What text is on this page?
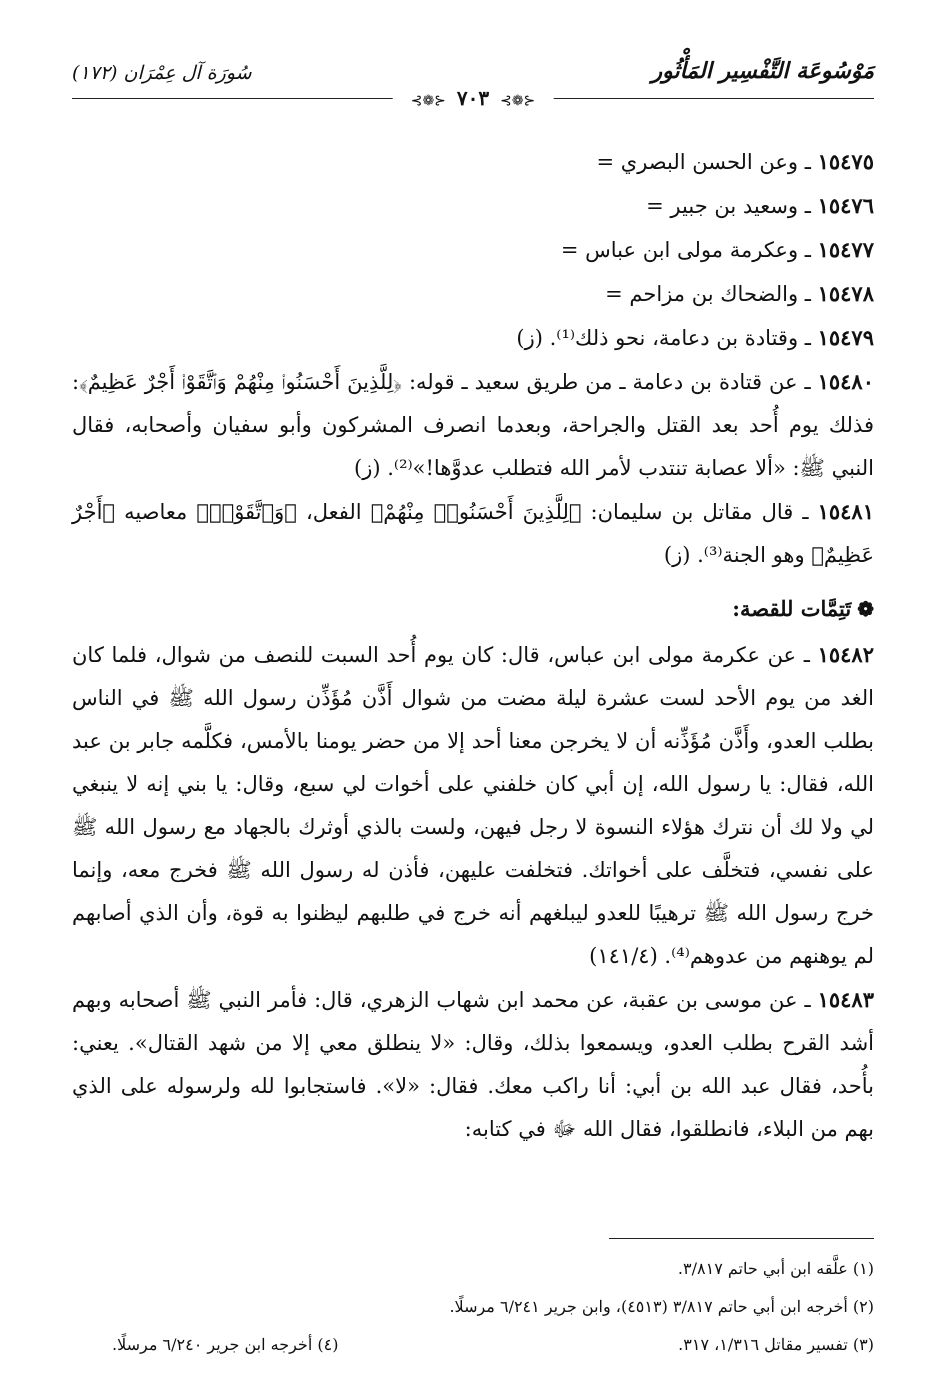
مَوْسُوعَة التَّفْسِير المَأْثُور
سُورَة آل عِمْرَان (١٧٢)
⊰❁⊱ ٧٠٣ ⊰❁⊱

١٥٤٧٥ ـ وعن الحسن البصري =

١٥٤٧٦ ـ وسعيد بن جبير =

١٥٤٧٧ ـ وعكرمة مولى ابن عباس =

١٥٤٧٨ ـ والضحاك بن مزاحم =

١٥٤٧٩ ـ وقتادة بن دعامة، نحو ذلك⁽¹⁾. (ز)

١٥٤٨٠ ـ عن قتادة بن دعامة ـ من طريق سعيد ـ قوله: ﴿لِلَّذِينَ أَحْسَنُوا۟ مِنْهُمْ وَٱتَّقَوْا۟ أَجْرٌ عَظِيمٌ﴾: فذلك يوم أُحد بعد القتل والجراحة، وبعدما انصرف المشركون وأبو سفيان وأصحابه، فقال النبي ﷺ: «ألا عصابة تنتدب لأمر الله فتطلب عدوَّها!»⁽²⁾. (ز)

١٥٤٨١ ـ قال مقاتل بن سليمان: ﴿لِلَّذِينَ أَحْسَنُوا۟ مِنْهُمْ﴾ الفعل، ﴿وَٱتَّقَوْا۟﴾ معاصيه ﴿أَجْرٌ عَظِيمٌ﴾ وهو الجنة⁽³⁾. (ز)

❁تَتِمَّات للقصة:

١٥٤٨٢ ـ عن عكرمة مولى ابن عباس، قال: كان يوم أُحد السبت للنصف من شوال، فلما كان الغد من يوم الأحد لست عشرة ليلة مضت من شوال أَذَّن مُؤَذِّن رسول الله ﷺ في الناس بطلب العدو، وأَذَّن مُؤَذِّنه أن لا يخرجن معنا أحد إلا من حضر يومنا بالأمس، فكلَّمه جابر بن عبد الله، فقال: يا رسول الله، إن أبي كان خلفني على أخوات لي سبع، وقال: يا بني إنه لا ينبغي لي ولا لك أن نترك هؤلاء النسوة لا رجل فيهن، ولست بالذي أوثرك بالجهاد مع رسول الله ﷺ على نفسي، فتخلَّف على أخواتك. فتخلفت عليهن، فأذن له رسول الله ﷺ فخرج معه، وإنما خرج رسول الله ﷺ ترهيبًا للعدو ليبلغهم أنه خرج في طلبهم ليظنوا به قوة، وأن الذي أصابهم لم يوهنهم من عدوهم⁽⁴⁾. (١٤١/٤)

١٥٤٨٣ ـ عن موسى بن عقبة، عن محمد ابن شهاب الزهري، قال: فأمر النبي ﷺ أصحابه وبهم أشد القرح بطلب العدو، ويسمعوا بذلك، وقال: «لا ينطلق معي إلا من شهد القتال». يعني: بأُحد، فقال عبد الله بن أبي: أنا راكب معك. فقال: «لا». فاستجابوا لله ولرسوله على الذي بهم من البلاء، فانطلقوا، فقال الله ﷻ في كتابه:

(١) علَّقه ابن أبي حاتم ٣/٨١٧.
(٢) أخرجه ابن أبي حاتم ٣/٨١٧ (٤٥١٣)، وابن جرير ٦/٢٤١ مرسلًا.
(٣) تفسير مقاتل ١/٣١٦، ٣١٧.
(٤) أخرجه ابن جرير ٦/٢٤٠ مرسلًا.
